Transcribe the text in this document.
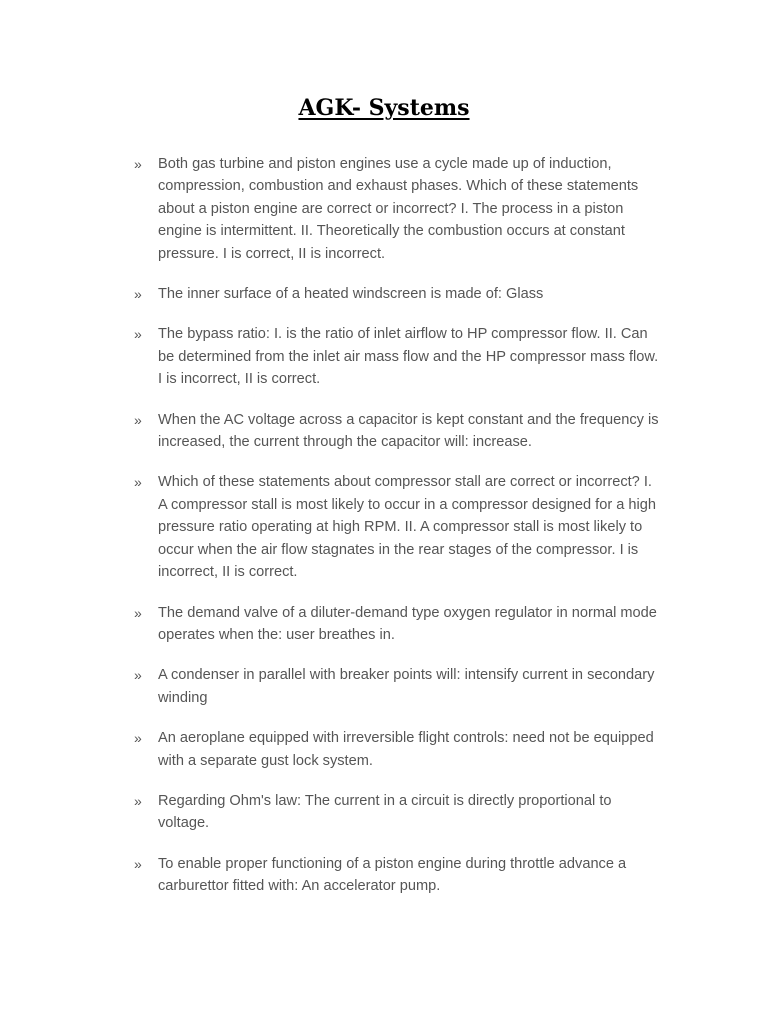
AGK- Systems
»	Both gas turbine and piston engines use a cycle made up of induction, compression, combustion and exhaust phases. Which of these statements about a piston engine are correct or incorrect? I. The process in a piston engine is intermittent. II. Theoretically the combustion occurs at constant pressure. I is correct, II is incorrect.
»	The inner surface of a heated windscreen is made of: Glass
»	The bypass ratio: I. is the ratio of inlet airflow to HP compressor flow. II. Can be determined from the inlet air mass flow and the HP compressor mass flow. I is incorrect, II is correct.
»	When the AC voltage across a capacitor is kept constant and the frequency is increased, the current through the capacitor will: increase.
»	Which of these statements about compressor stall are correct or incorrect? I. A compressor stall is most likely to occur in a compressor designed for a high pressure ratio operating at high RPM. II. A compressor stall is most likely to occur when the air flow stagnates in the rear stages of the compressor. I is incorrect, II is correct.
»	The demand valve of a diluter-demand type oxygen regulator in normal mode operates when the: user breathes in.
»	A condenser in parallel with breaker points will: intensify current in secondary winding
»	An aeroplane equipped with irreversible flight controls: need not be equipped with a separate gust lock system.
»	Regarding Ohm's law: The current in a circuit is directly proportional to voltage.
»	To enable proper functioning of a piston engine during throttle advance a carburettor fitted with: An accelerator pump.
